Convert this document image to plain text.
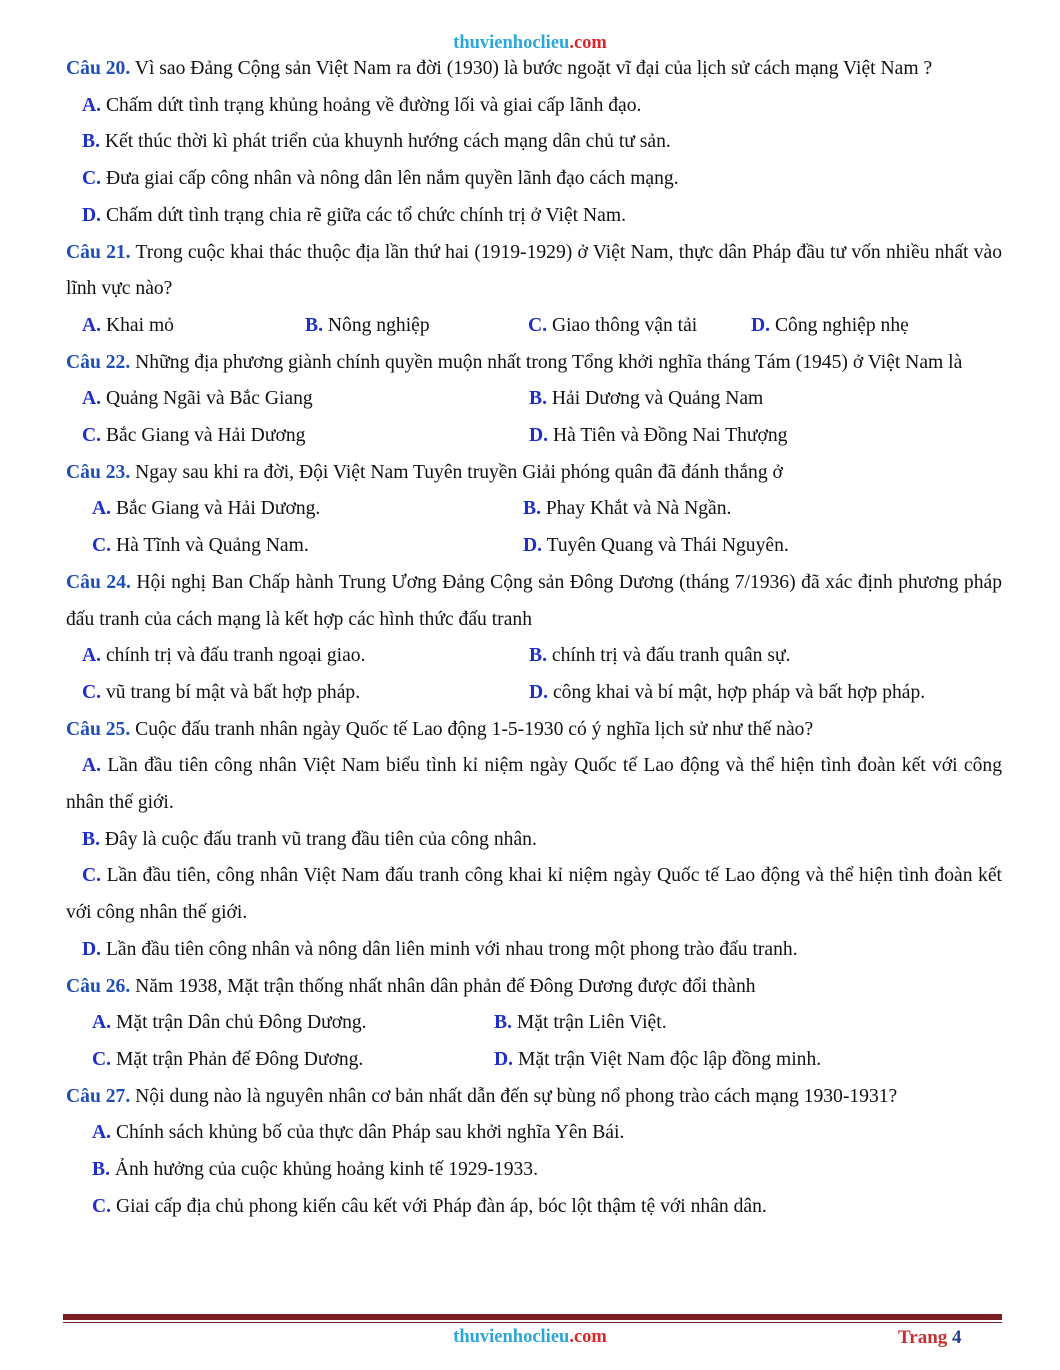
thuvienhoclieu.com
Câu 20. Vì sao Đảng Cộng sản Việt Nam ra đời (1930) là bước ngoặt vĩ đại của lịch sử cách mạng Việt Nam ?
A. Chấm dứt tình trạng khủng hoảng về đường lối và giai cấp lãnh đạo.
B. Kết thúc thời kì phát triển của khuynh hướng cách mạng dân chủ tư sản.
C. Đưa giai cấp công nhân và nông dân lên nắm quyền lãnh đạo cách mạng.
D. Chấm dứt tình trạng chia rẽ giữa các tổ chức chính trị ở Việt Nam.
Câu 21. Trong cuộc khai thác thuộc địa lần thứ hai (1919-1929) ở Việt Nam, thực dân Pháp đầu tư vốn nhiều nhất vào lĩnh vực nào?
A. Khai mỏ	B. Nông nghiệp	C. Giao thông vận tải	D. Công nghiệp nhẹ
Câu 22. Những địa phương giành chính quyền muộn nhất trong Tổng khởi nghĩa tháng Tám (1945) ở Việt Nam là
A. Quảng Ngãi và Bắc Giang	B. Hải Dương và Quảng Nam
C. Bắc Giang và Hải Dương	D. Hà Tiên và Đồng Nai Thượng
Câu 23. Ngay sau khi ra đời, Đội Việt Nam Tuyên truyền Giải phóng quân đã đánh thắng ở
A. Bắc Giang và Hải Dương.	B. Phay Khắt và Nà Ngần.
C. Hà Tĩnh và Quảng Nam.	D. Tuyên Quang và Thái Nguyên.
Câu 24. Hội nghị Ban Chấp hành Trung Ương Đảng Cộng sản Đông Dương (tháng 7/1936) đã xác định phương pháp đấu tranh của cách mạng là kết hợp các hình thức đấu tranh
A. chính trị và đấu tranh ngoại giao.	B. chính trị và đấu tranh quân sự.
C. vũ trang bí mật và bất hợp pháp.	D. công khai và bí mật, hợp pháp và bất hợp pháp.
Câu 25. Cuộc đấu tranh nhân ngày Quốc tế Lao động 1-5-1930 có ý nghĩa lịch sử như thế nào?
A. Lần đầu tiên công nhân Việt Nam biểu tình kỉ niệm ngày Quốc tế Lao động và thể hiện tình đoàn kết với công nhân thế giới.
B. Đây là cuộc đấu tranh vũ trang đầu tiên của công nhân.
C. Lần đầu tiên, công nhân Việt Nam đấu tranh công khai kỉ niệm ngày Quốc tế Lao động và thể hiện tình đoàn kết với công nhân thế giới.
D. Lần đầu tiên công nhân và nông dân liên minh với nhau trong một phong trào đấu tranh.
Câu 26. Năm 1938, Mặt trận thống nhất nhân dân phản đế Đông Dương được đổi thành
A. Mặt trận Dân chủ Đông Dương.	B. Mặt trận Liên Việt.
C. Mặt trận Phản đế Đông Dương.	D. Mặt trận Việt Nam độc lập đồng minh.
Câu 27. Nội dung nào là nguyên nhân cơ bản nhất dẫn đến sự bùng nổ phong trào cách mạng 1930-1931?
A. Chính sách khủng bố của thực dân Pháp sau khởi nghĩa Yên Bái.
B. Ảnh hưởng của cuộc khủng hoảng kinh tế 1929-1933.
C. Giai cấp địa chủ phong kiến câu kết với Pháp đàn áp, bóc lột thậm tệ với nhân dân.
thuvienhoclieu.com	Trang 4
